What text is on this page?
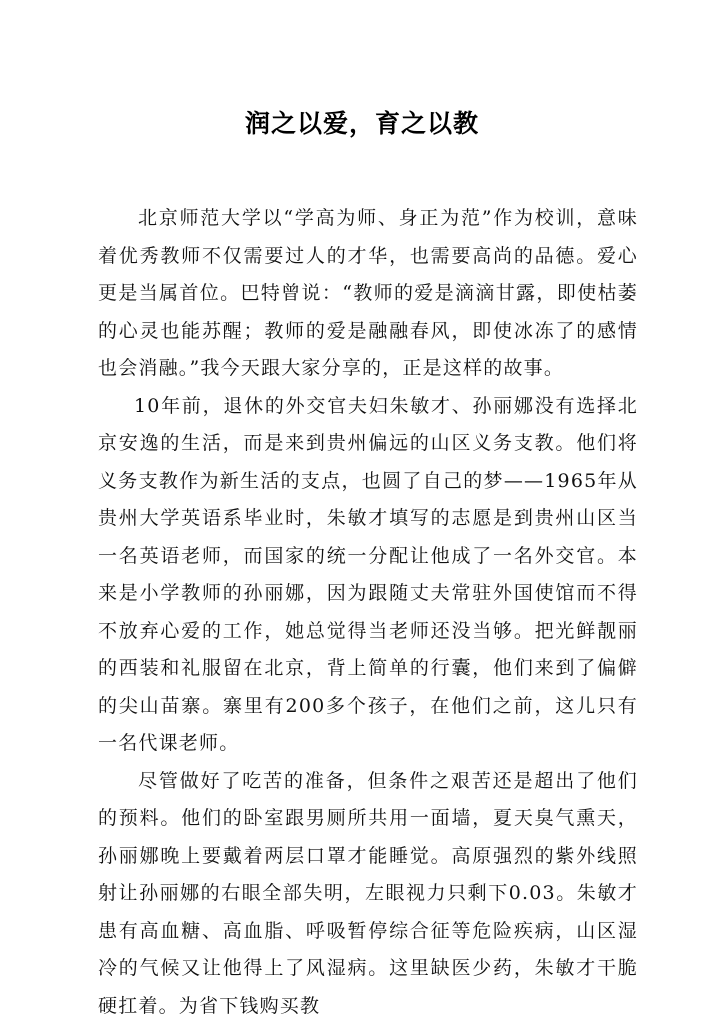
润之以爱，育之以教

北京师范大学以“学高为师、身正为范”作为校训，意味着优秀教师不仅需要过人的才华，也需要高尚的品德。爱心更是当属首位。巴特曾说：“教师的爱是滴滴甘露，即使枯萎的心灵也能苏醒；教师的爱是融融春风，即使冰冻了的感情也会消融。”我今天跟大家分享的，正是这样的故事。

10年前，退休的外交官夫妇朱敏才、孙丽娜没有选择北京安逸的生活，而是来到贵州偏远的山区义务支教。他们将义务支教作为新生活的支点，也圆了自己的梦——1965年从贵州大学英语系毕业时，朱敏才填写的志愿是到贵州山区当一名英语老师，而国家的统一分配让他成了一名外交官。本来是小学教师的孙丽娜，因为跟随丈夫常驻外国使馆而不得不放弃心爱的工作，她总觉得当老师还没当够。把光鲜靓丽的西装和礼服留在北京，背上简单的行囊，他们来到了偏僻的尖山苗寨。寨里有200多个孩子，在他们之前，这儿只有一名代课老师。

尽管做好了吃苦的准备，但条件之艰苦还是超出了他们的预料。他们的卧室跟男厕所共用一面墙，夏天臭气熏天，孙丽娜晚上要戴着两层口罩才能睡觉。高原强烈的紫外线照射让孙丽娜的右眼全部失明，左眼视力只剩下0.03。朱敏才患有高血糖、高血脂、呼吸暂停综合征等危险疾病，山区湿冷的气候又让他得上了风湿病。这里缺医少药，朱敏才干脆硬扛着。为省下钱购买教
